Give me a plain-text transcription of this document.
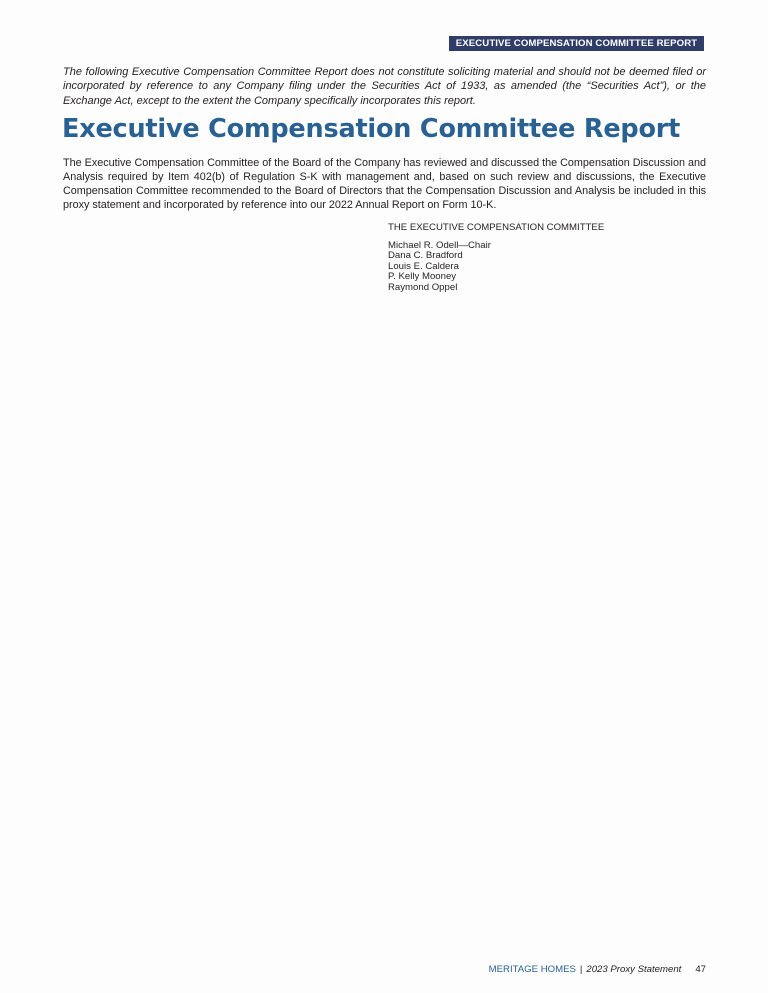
EXECUTIVE COMPENSATION COMMITTEE REPORT

The following Executive Compensation Committee Report does not constitute soliciting material and should not be deemed filed or incorporated by reference to any Company filing under the Securities Act of 1933, as amended (the “Securities Act”), or the Exchange Act, except to the extent the Company specifically incorporates this report.

Executive Compensation Committee Report

The Executive Compensation Committee of the Board of the Company has reviewed and discussed the Compensation Discussion and Analysis required by Item 402(b) of Regulation S-K with management and, based on such review and discussions, the Executive Compensation Committee recommended to the Board of Directors that the Compensation Discussion and Analysis be included in this proxy statement and incorporated by reference into our 2022 Annual Report on Form 10-K.

THE EXECUTIVE COMPENSATION COMMITTEE

Michael R. Odell—Chair
Dana C. Bradford
Louis E. Caldera
P. Kelly Mooney
Raymond Oppel
MERITAGE HOMES | 2023 Proxy Statement 47
